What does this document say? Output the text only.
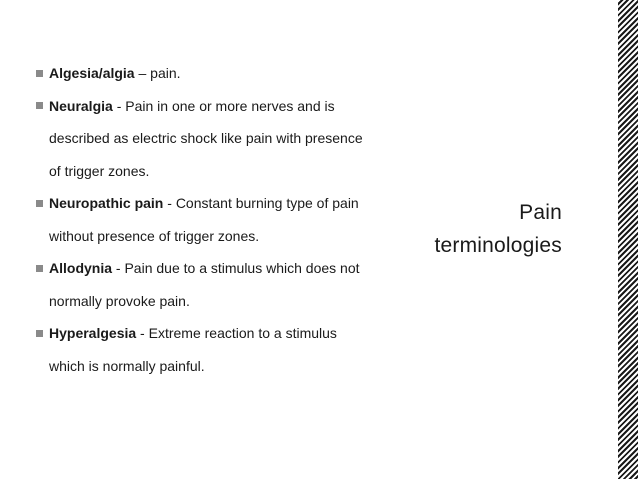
Algesia/algia – pain.
Neuralgia - Pain in one or more nerves and is described as electric shock like pain with presence of trigger zones.
Neuropathic pain - Constant burning type of pain without presence of trigger zones.
Allodynia - Pain due to a stimulus which does not normally provoke pain.
Hyperalgesia - Extreme reaction to a stimulus which is normally painful.
Pain
terminologies
